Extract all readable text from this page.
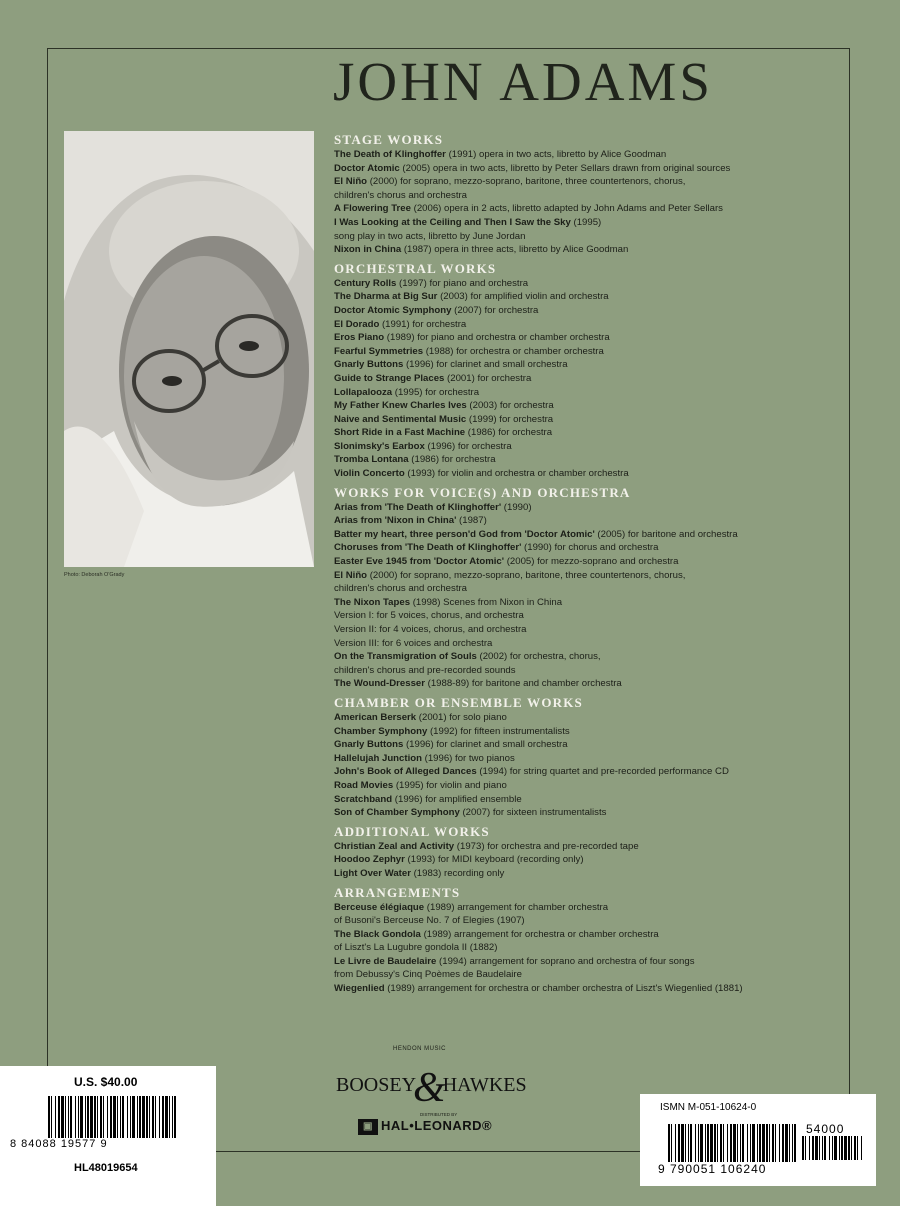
JOHN ADAMS
Photo: Deborah O'Grady
STAGE WORKS
The Death of Klinghoffer (1991) opera in two acts, libretto by Alice Goodman
Doctor Atomic (2005) opera in two acts, libretto by Peter Sellars drawn from original sources
El Niño (2000) for soprano, mezzo-soprano, baritone, three countertenors, chorus,
children's chorus and orchestra
A Flowering Tree (2006) opera in 2 acts, libretto adapted by John Adams and Peter Sellars
I Was Looking at the Ceiling and Then I Saw the Sky (1995)
song play in two acts, libretto by June Jordan
Nixon in China (1987) opera in three acts, libretto by Alice Goodman
ORCHESTRAL WORKS
Century Rolls (1997) for piano and orchestra
The Dharma at Big Sur (2003) for amplified violin and orchestra
Doctor Atomic Symphony (2007) for orchestra
El Dorado (1991) for orchestra
Eros Piano (1989) for piano and orchestra or chamber orchestra
Fearful Symmetries (1988) for orchestra or chamber orchestra
Gnarly Buttons (1996) for clarinet and small orchestra
Guide to Strange Places (2001) for orchestra
Lollapalooza (1995) for orchestra
My Father Knew Charles Ives (2003) for orchestra
Naive and Sentimental Music (1999) for orchestra
Short Ride in a Fast Machine (1986) for orchestra
Slonimsky's Earbox (1996) for orchestra
Tromba Lontana (1986) for orchestra
Violin Concerto (1993) for violin and orchestra or chamber orchestra
WORKS FOR VOICE(S) AND ORCHESTRA
Arias from 'The Death of Klinghoffer' (1990)
Arias from 'Nixon in China' (1987)
Batter my heart, three person'd God from 'Doctor Atomic' (2005) for baritone and orchestra
Choruses from 'The Death of Klinghoffer' (1990) for chorus and orchestra
Easter Eve 1945 from 'Doctor Atomic' (2005) for mezzo-soprano and orchestra
El Niño (2000) for soprano, mezzo-soprano, baritone, three countertenors, chorus,
children's chorus and orchestra
The Nixon Tapes (1998) Scenes from Nixon in China
Version I: for 5 voices, chorus, and orchestra
Version II: for 4 voices, chorus, and orchestra
Version III: for 6 voices and orchestra
On the Transmigration of Souls (2002) for orchestra, chorus,
children's chorus and pre-recorded sounds
The Wound-Dresser (1988-89) for baritone and chamber orchestra
CHAMBER OR ENSEMBLE WORKS
American Berserk (2001) for solo piano
Chamber Symphony (1992) for fifteen instrumentalists
Gnarly Buttons (1996) for clarinet and small orchestra
Hallelujah Junction (1996) for two pianos
John's Book of Alleged Dances (1994) for string quartet and pre-recorded performance CD
Road Movies (1995) for violin and piano
Scratchband (1996) for amplified ensemble
Son of Chamber Symphony (2007) for sixteen instrumentalists
ADDITIONAL WORKS
Christian Zeal and Activity (1973) for orchestra and pre-recorded tape
Hoodoo Zephyr (1993) for MIDI keyboard (recording only)
Light Over Water (1983) recording only
ARRANGEMENTS
Berceuse élégiaque (1989) arrangement for chamber orchestra
of Busoni's Berceuse No. 7 of Elegies (1907)
The Black Gondola (1989) arrangement for orchestra or chamber orchestra
of Liszt's La Lugubre gondola II (1882)
Le Livre de Baudelaire (1994) arrangement for soprano and orchestra of four songs
from Debussy's Cinq Poèmes de Baudelaire
Wiegenlied (1989) arrangement for orchestra or chamber orchestra of Liszt's Wiegenlied (1881)
HENDON MUSIC
BOOSEY&HAWKES
DISTRIBUTED BY
▣ HAL•LEONARD®
U.S. $40.00
8 84088 19577 9
HL48019654
ISMN M-051-10624-0
54000
9 790051 106240
